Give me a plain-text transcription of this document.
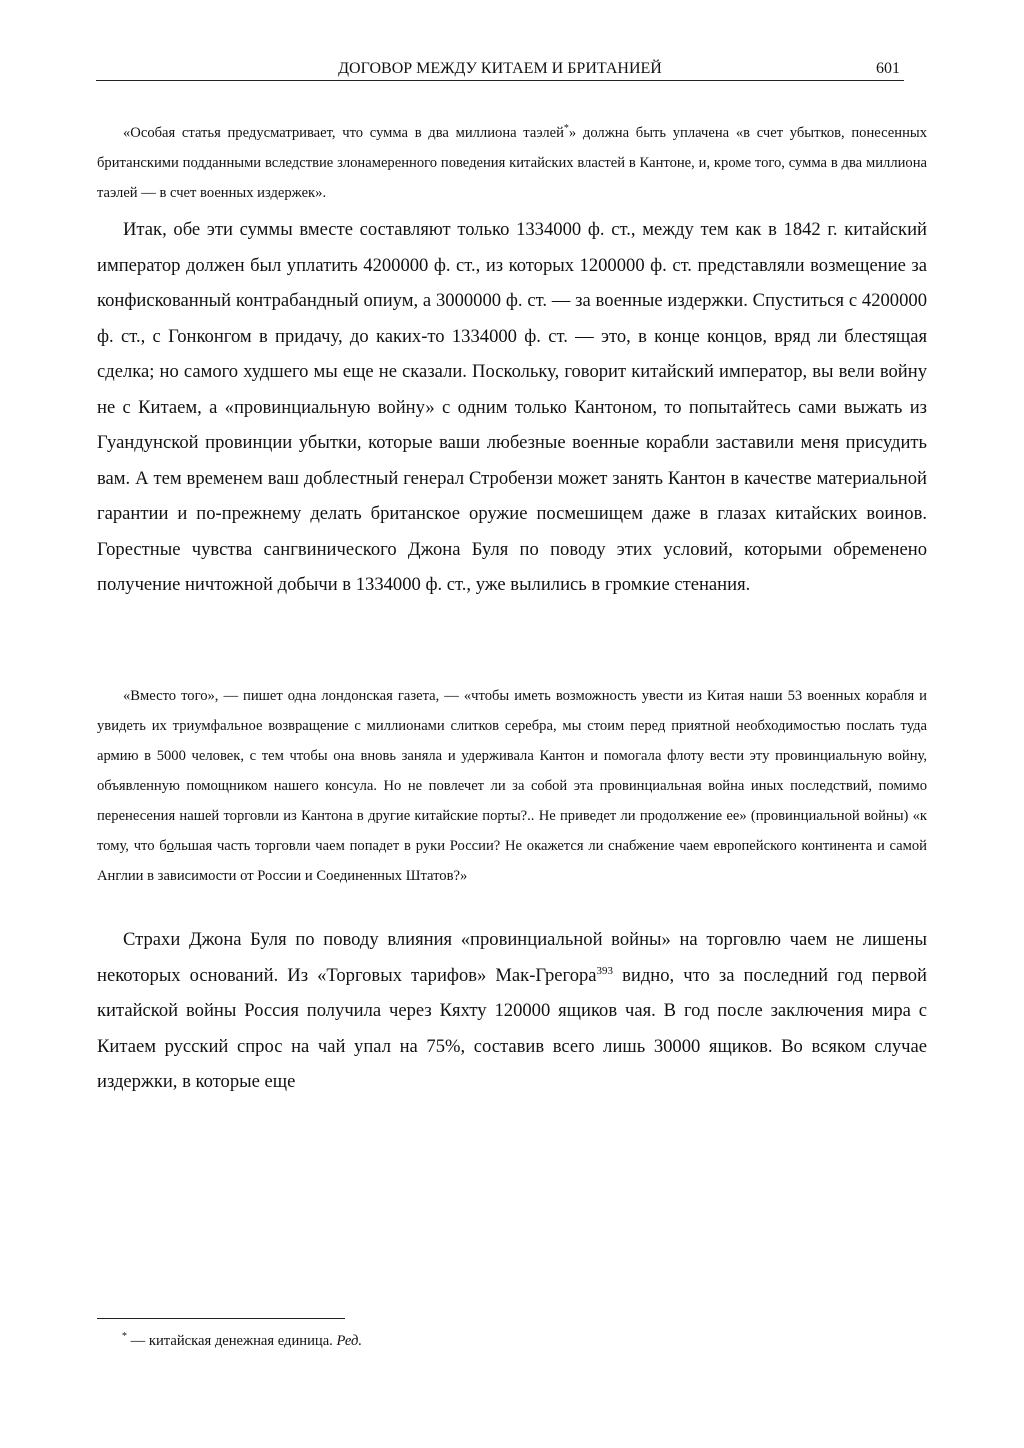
ДОГОВОР МЕЖДУ КИТАЕМ И БРИТАНИЕЙ	601

«Особая статья предусматривает, что сумма в два миллиона таэлей*» должна быть уплачена «в счет убытков, понесенных британскими подданными вследствие злонамеренного поведения китайских властей в Кантоне, и, кроме того, сумма в два миллиона таэлей — в счет военных издержек».

Итак, обе эти суммы вместе составляют только 1334000 ф. ст., между тем как в 1842 г. китайский император должен был уплатить 4200000 ф. ст., из которых 1200000 ф. ст. представляли возмещение за конфискованный контрабандный опиум, а 3000000 ф. ст. — за военные издержки. Спуститься с 4200000 ф. ст., с Гонконгом в придачу, до каких-то 1334000 ф. ст. — это, в конце концов, вряд ли блестящая сделка; но самого худшего мы еще не сказали. Поскольку, говорит китайский император, вы вели войну не с Китаем, а «провинциальную войну» с одним только Кантоном, то попытайтесь сами выжать из Гуандунской провинции убытки, которые ваши любезные военные корабли заставили меня присудить вам. А тем временем ваш доблестный генерал Стробензи может занять Кантон в качестве материальной гарантии и по-прежнему делать британское оружие посмешищем даже в глазах китайских воинов. Горестные чувства сангвинического Джона Буля по поводу этих условий, которыми обременено получение ничтожной добычи в 1334000 ф. ст., уже вылились в громкие стенания.

«Вместо того», — пишет одна лондонская газета, — «чтобы иметь возможность увести из Китая наши 53 военных корабля и увидеть их триумфальное возвращение с миллионами слитков серебра, мы стоим перед приятной необходимостью послать туда армию в 5000 человек, с тем чтобы она вновь заняла и удерживала Кантон и помогала флоту вести эту провинциальную войну, объявленную помощником нашего консула. Но не повлечет ли за собой эта провинциальная война иных последствий, помимо перенесения нашей торговли из Кантона в другие китайские порты?.. Не приведет ли продолжение ее» (провинциальной войны) «к тому, что большая часть торговли чаем попадет в руки России? Не окажется ли снабжение чаем европейского континента и самой Англии в зависимости от России и Соединенных Штатов?»

Страхи Джона Буля по поводу влияния «провинциальной войны» на торговлю чаем не лишены некоторых оснований. Из «Торговых тарифов» Мак-Грегора$^{393}$ видно, что за последний год первой китайской войны Россия получила через Кяхту 120000 ящиков чая. В год после заключения мира с Китаем русский спрос на чай упал на 75%, составив всего лишь 30000 ящиков. Во всяком случае издержки, в которые еще

* — китайская денежная единица. Ред.
